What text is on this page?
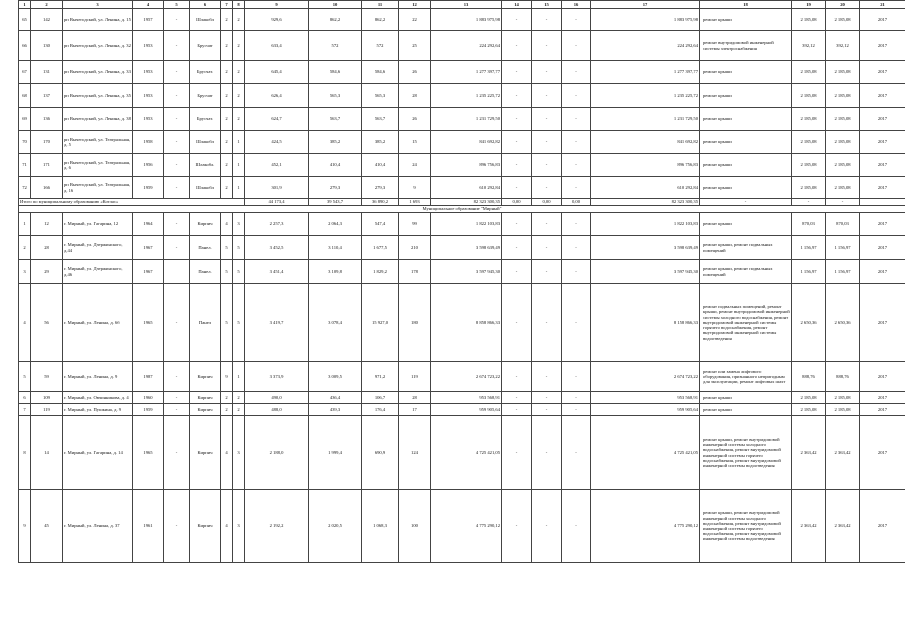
1	2	3	4	5	6	7	8	9	10	11	12	13	14	15	16	17	18	19	20	21
65	142	рп Вычегодский, ул. Ленина, д. 15	1957	-	Шлакобл	2	2	929,6	862,2	862,2	22	1 883 975,98	-	-	-	1 883 975,98	ремонт крыши	2 185,08	2 185,08	2017
66	130	рп Вычегодский, ул. Ленина, д. 32	1953	-	Брусчат	2	2	633,4	572	572	25	224 292,64	-	-	-	224 292,64	ремонт внутридомовой инженерной системы электроснабжения	392,12	392,12	2017
67	131	рп Вычегодский, ул. Ленина, д. 33	1953	-	Брусчат.	2	2	645,4	584,6	584,6	26	1 277 397,77	-	-	-	1 277 397,77	ремонт крыши	2 185,08	2 185,08	2017
68	137	рп Вычегодский, ул. Ленина, д. 35	1953	-	Брусчат	2	2	626,4	565,3	565,3	28	1 235 225,72	-	-	-	1 235 225,72	ремонт крыши	2 185,08	2 185,08	2017
69	136	рп Вычегодский, ул. Ленина, д. 38	1953	-	Брусчат.	2	2	624,7	563,7	563,7	26	1 231 729,50	-	-	-	1 231 729,50	ремонт крыши	2 185,08	2 185,08	2017
70	170	рп Вычегодский, ул. Театральная, д. 5	1958	-	Шлакобл	2	1	424,5	385,2	385,2	15	841 692,82	-	-	-	841 692,82	ремонт крыши	2 185,08	2 185,08	2017
71	171	рп Вычегодский, ул. Театральная, д. 6	1956	-	Шлакобл.	2	1	452,1	410,4	410,4	24	896 756,83	-	-	-	896 756,83	ремонт крыши	2 185,08	2 185,08	2017
72	166	рп Вычегодский, ул. Театральная, д. 16	1959	-	Шлакобл	2	1	301,9	279,3	279,3	9	610 292,84	-	-	-	610 292,84	ремонт крыши	2 185,08	2 185,08	2017
Итого по муниципальному образованию «Котлас»								44 173,4	39 543,7	36 890,2	1 693	82 323 300,35	0,00	0,00	0,00	82 323 300,35	-	-	-	
Муниципальное образование "Мирный"																				
1	12	г. Мирный, ул. Гагарина, 12	1964	-	Кирпич	4	3	2 257,3	2 064,3	547,4	99	1 822 103,83	-	-	-	1 822 103,83	ремонт крыши	870,03	870,03	2017
2	28	г. Мирный, ул. Дзержинского, д.44	1967	-	Панел.	5	5	3 452,5	3 110,4	1 677,5	210	3 598 639,49	-	-	-	3 598 639,49	ремонт крыши, ремонт подвальных помещений	1 156,97	1 156,97	2017
3	29	г. Мирный, ул. Дзержинского, д.46	1967		Панел.	5	5	3 451,4	3 109,8	1 829,2	178	3 597 945,30	-	-	-	3 597 945,30	ремонт крыши, ремонт подвальных помещений	1 156,97	1 156,97	2017
4	56	г. Мирный, ул. Ленина, д. 6б	1965	-	Панел	5	5	3 419,7	3 078,4	15 927,0	180	8 858 866,33	-	-	-	8 158 866,33	ремонт подвальных помещений, ремонт крыши, ремонт внутридомовой инженерной системы холодного водоснабжения, ремонт внутридомовой инженерной системы горячего водоснабжения, ремонт внутридомовой инженерной системы водоотведения	2 650,36	2 650,36	2017
5	59	г. Мирный, ул. Ленина, д. 9	1987	-	Кирпич	9	1	3 373,9	3 009,5	971,2	119	2 674 723,22	-	-	-	2 674 723,22	ремонт или замена лифтового оборудования, признанного непригодным для эксплуатации, ремонт лифтовых шахт	888,76	888,76	2017
6	109	г. Мирный, ул. Овчинникова, д. 4	1960	-	Кирпич	2	2	490,0	436,4	106,7	28	953 568,91	-	-	-	953 568,91	ремонт крыши	2 185,08	2 185,08	2017
7	119	г. Мирный, ул. Пушкина, д. 9	1959	-	Кирпич	2	2	488,0	439,3	176,4	17	959 905,64	-	-	-	959 905,64	ремонт крыши	2 185,08	2 185,08	2017
8	14	г. Мирный, ул. Гагарина, д. 14	1965	-	Кирпич	4	3	2 188,0	1 999,4	690,9	124	4 725 421,05	-	-	-	4 725 421,05	ремонт крыши, ремонт внутридомовой инженерной системы холодного водоснабжения, ремонт внутридомовой инженерной системы горячего водоснабжения, ремонт внутридомовой инженерной системы водоотведения	2 363,42	2 363,42	2017
9	45	г. Мирный, ул. Ленина, д. 37	1961	-	Кирпич	4	3	2 192,2	2 020,5	1 068,3	100	4 775 290,12	-	-	-	4 775 290,12	ремонт крыши, ремонт внутридомовой инженерной системы холодного водоснабжения, ремонт внутридомовой инженерной системы горячего водоснабжения, ремонт внутридомовой инженерной системы водоотведения	2 363,42	2 363,42	2017
